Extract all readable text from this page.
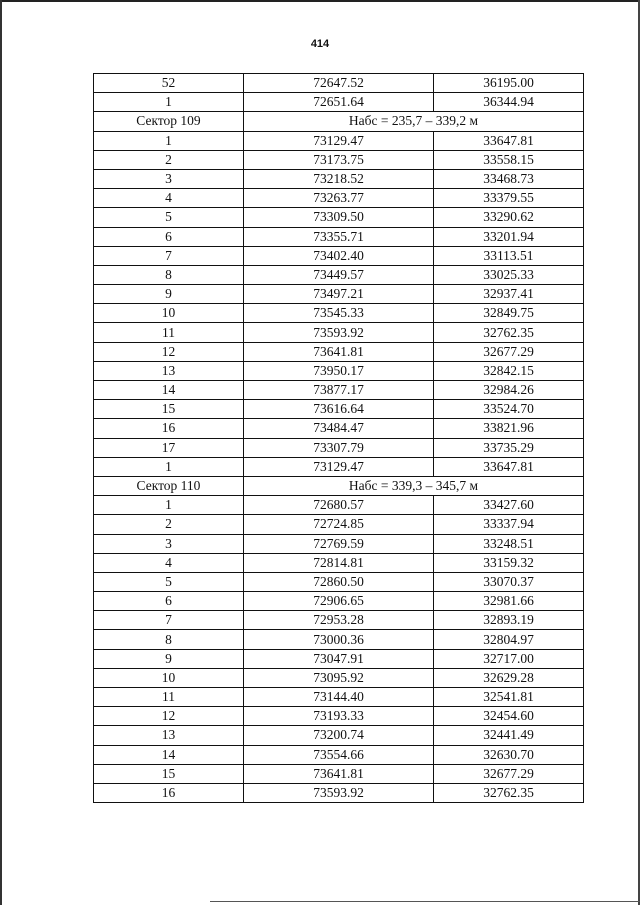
414
52	72647.52	36195.00
1	72651.64	36344.94
Сектор 109	Набс = 235,7 – 339,2 м	
1	73129.47	33647.81
2	73173.75	33558.15
3	73218.52	33468.73
4	73263.77	33379.55
5	73309.50	33290.62
6	73355.71	33201.94
7	73402.40	33113.51
8	73449.57	33025.33
9	73497.21	32937.41
10	73545.33	32849.75
11	73593.92	32762.35
12	73641.81	32677.29
13	73950.17	32842.15
14	73877.17	32984.26
15	73616.64	33524.70
16	73484.47	33821.96
17	73307.79	33735.29
1	73129.47	33647.81
Сектор 110	Набс = 339,3 – 345,7 м	
1	72680.57	33427.60
2	72724.85	33337.94
3	72769.59	33248.51
4	72814.81	33159.32
5	72860.50	33070.37
6	72906.65	32981.66
7	72953.28	32893.19
8	73000.36	32804.97
9	73047.91	32717.00
10	73095.92	32629.28
11	73144.40	32541.81
12	73193.33	32454.60
13	73200.74	32441.49
14	73554.66	32630.70
15	73641.81	32677.29
16	73593.92	32762.35
